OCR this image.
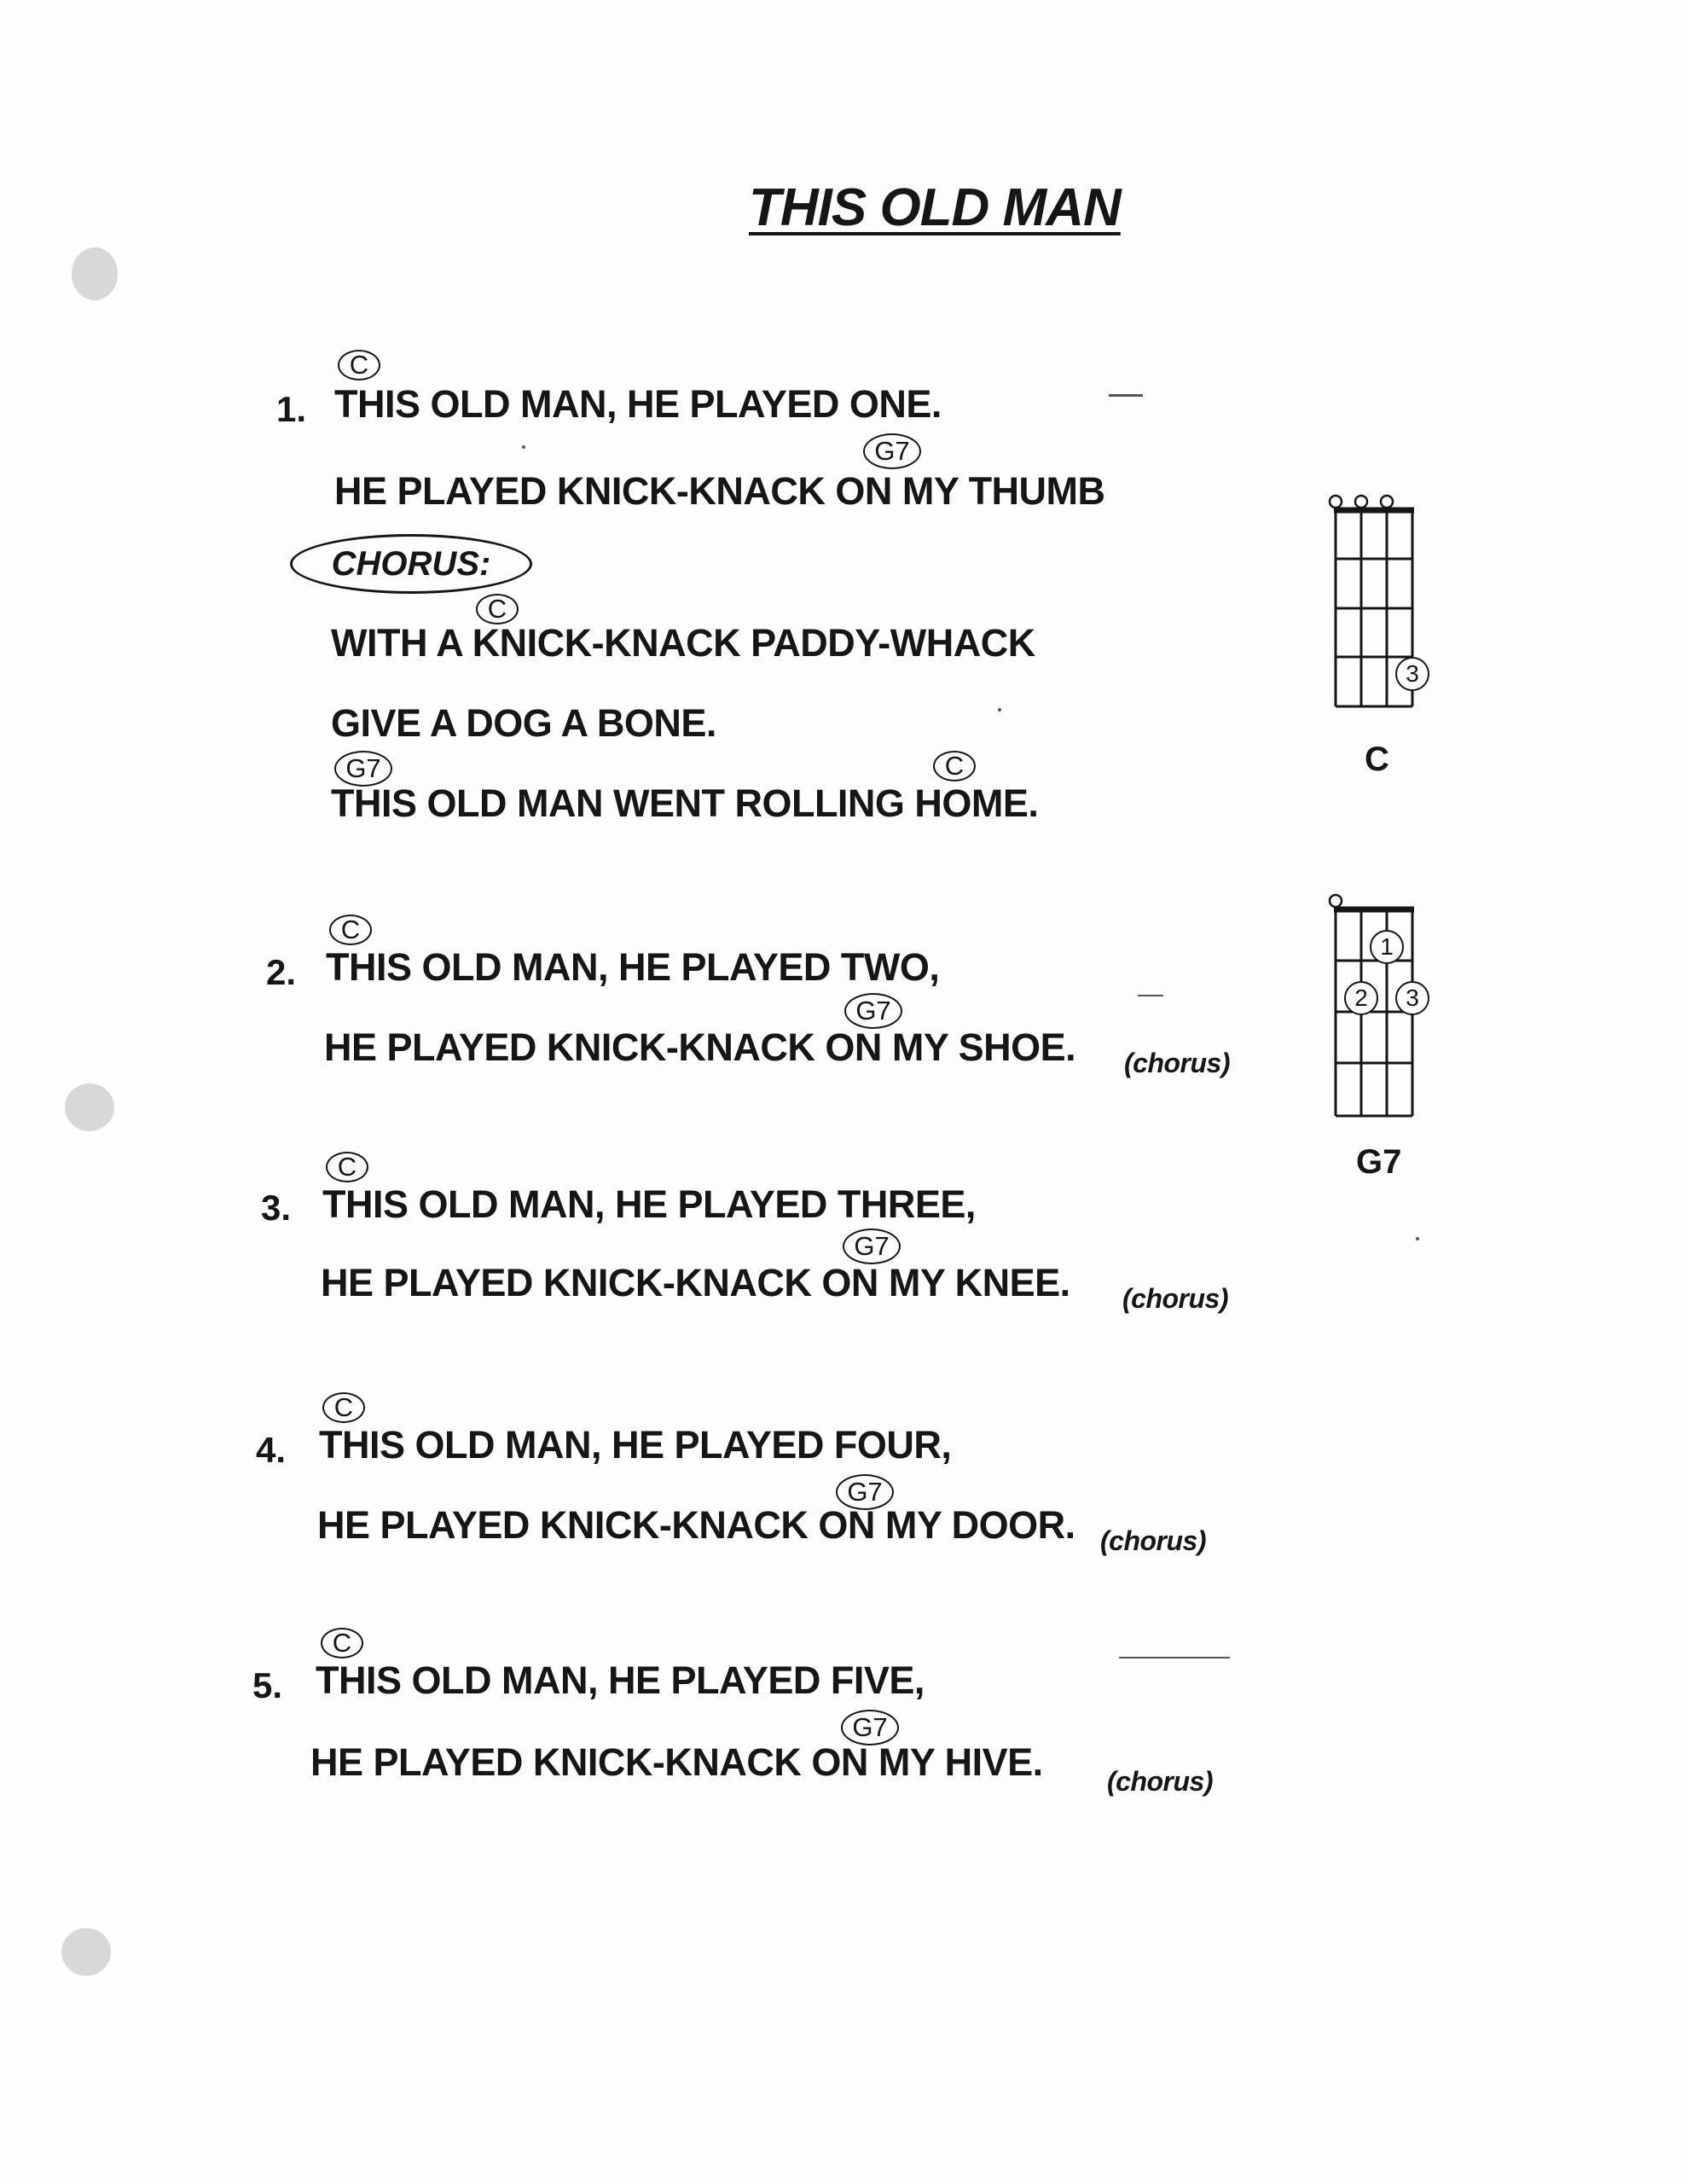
THIS OLD MAN
1.
C
THIS OLD MAN, HE PLAYED ONE.
G7
HE PLAYED KNICK-KNACK ON MY THUMB
CHORUS:
C
WITH A KNICK-KNACK PADDY-WHACK
GIVE A DOG A BONE.
G7	C
THIS OLD MAN WENT ROLLING HOME.
2.
C
THIS OLD MAN, HE PLAYED TWO,
G7
HE PLAYED KNICK-KNACK ON MY SHOE. (chorus)
3.
C
THIS OLD MAN, HE PLAYED THREE,
G7
HE PLAYED KNICK-KNACK ON MY KNEE. (chorus)
4.
C
THIS OLD MAN, HE PLAYED FOUR,
G7
HE PLAYED KNICK-KNACK ON MY DOOR. (chorus)
5.
C
THIS OLD MAN, HE PLAYED FIVE,
G7
HE PLAYED KNICK-KNACK ON MY HIVE. (chorus)
3
C
1
2	3
G7
